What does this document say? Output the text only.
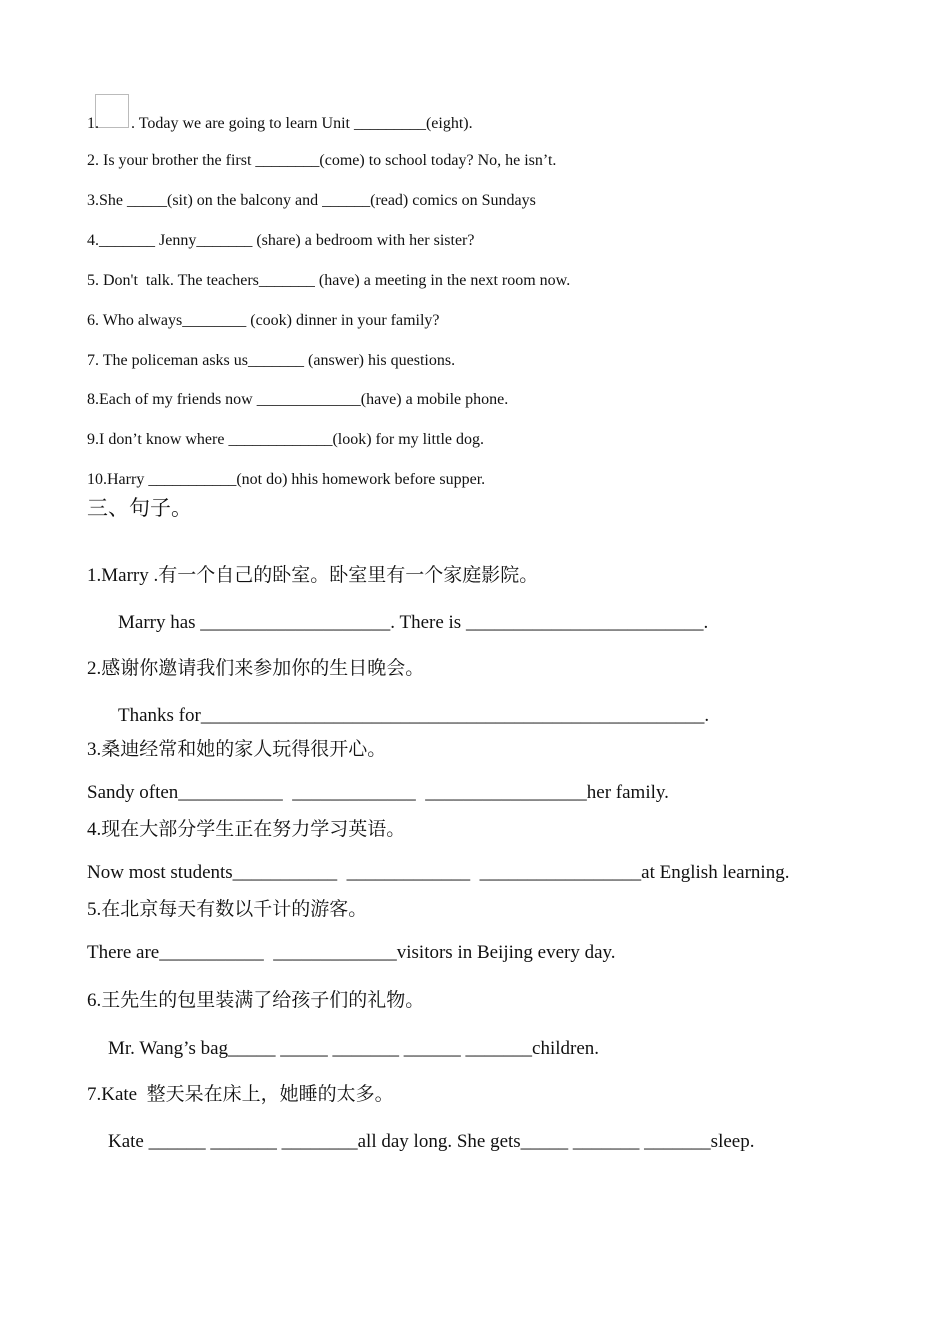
1.        . Today we are going to learn Unit _________(eight).
2. Is your brother the first ________(come) to school today? No, he isn’t.
3.She _____(sit) on the balcony and ______(read) comics on Sundays
4._______ Jenny_______ (share) a bedroom with her sister?
5. Don't  talk. The teachers_______ (have) a meeting in the next room now.
6. Who always________ (cook) dinner in your family?
7. The policeman asks us_______ (answer) his questions.
8.Each of my friends now _____________(have) a mobile phone.
9.I don’t know where _____________(look) for my little dog.
10.Harry ___________(not do) hhis homework before supper.
三、句子。
1.Marry .有一个自己的卧室。卧室里有一个家庭影院。
Marry has ____________________. There is _________________________.
2.感谢你邀请我们来参加你的生日晚会。
Thanks for_____________________________________________________.
3.桑迪经常和她的家人玩得很开心。
Sandy often___________  _____________  _________________her family.
4.现在大部分学生正在努力学习英语。
Now most students___________  _____________  _________________at English learning.
5.在北京每天有数以千计的游客。
There are___________  _____________visitors in Beijing every day.
6.王先生的包里装满了给孩子们的礼物。
Mr. Wang’s bag_____ _____ _______ ______ _______children.
7.Kate  整天呆在床上，她睡的太多。
Kate ______ _______ ________all day long. She gets_____ _______ _______sleep.
